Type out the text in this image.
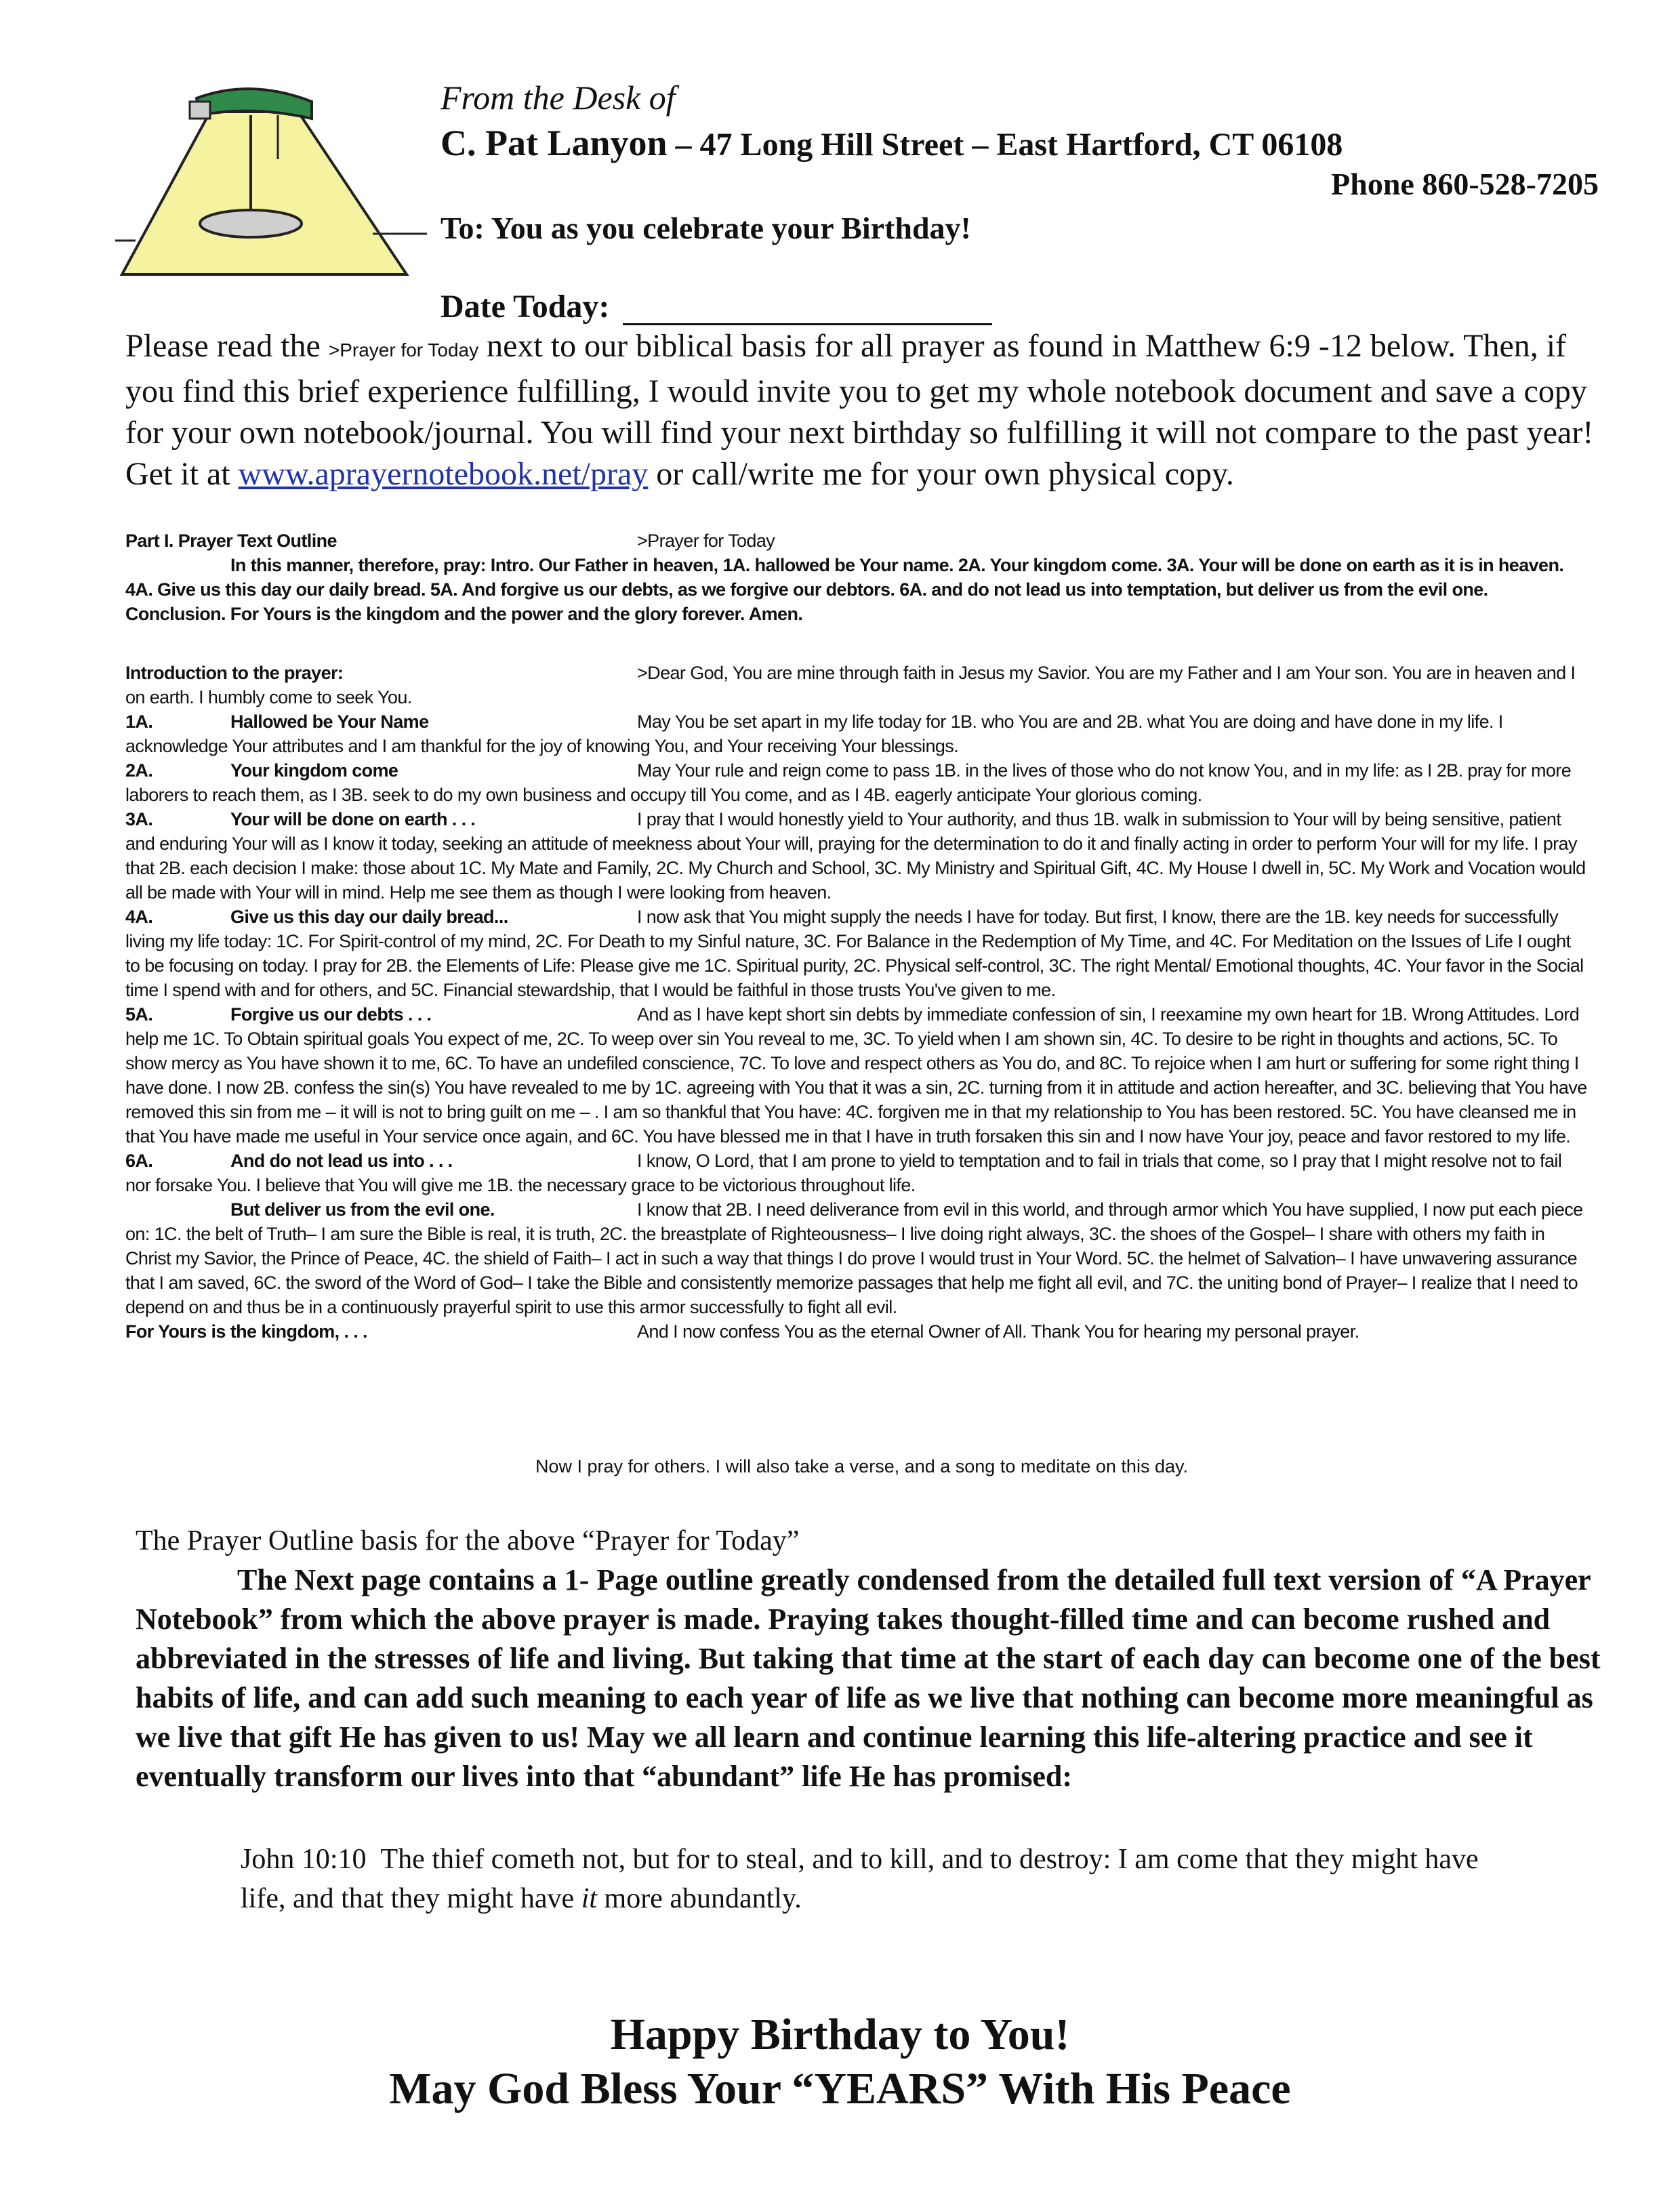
From the Desk of
C. Pat Lanyon – 47 Long Hill Street – East Hartford, CT 06108
Phone 860-528-7205
To: You as you celebrate your Birthday!
Date Today:
Please read the >Prayer for Today next to our biblical basis for all prayer as found in Matthew 6:9 -12 below. Then, if you find this brief experience fulfilling, I would invite you to get my whole notebook document and save a copy for your own notebook/journal. You will find your next birthday so fulfilling it will not compare to the past year! Get it at www.aprayernotebook.net/pray or call/write me for your own physical copy.
Part I. Prayer Text Outline	>Prayer for Today
In this manner, therefore, pray: Intro. Our Father in heaven, 1A. hallowed be Your name. 2A. Your kingdom come. 3A. Your will be done on earth as it is in heaven. 4A. Give us this day our daily bread. 5A. And forgive us our debts, as we forgive our debtors. 6A. and do not lead us into temptation, but deliver us from the evil one. Conclusion. For Yours is the kingdom and the power and the glory forever. Amen.
Introduction to the prayer:	>Dear God, You are mine through faith in Jesus my Savior. You are my Father and I am Your son. You are in heaven and I on earth. I humbly come to seek You.
1A.	Hallowed be Your Name	May You be set apart in my life today for 1B. who You are and 2B. what You are doing and have done in my life. I acknowledge Your attributes and I am thankful for the joy of knowing You, and Your receiving Your blessings.
2A.	Your kingdom come	May Your rule and reign come to pass 1B. in the lives of those who do not know You, and in my life: as I 2B. pray for more laborers to reach them, as I 3B. seek to do my own business and occupy till You come, and as I 4B. eagerly anticipate Your glorious coming.
3A.	Your will be done on earth . . .	I pray that I would honestly yield to Your authority, and thus 1B. walk in submission to Your will by being sensitive, patient and enduring Your will as I know it today, seeking an attitude of meekness about Your will, praying for the determination to do it and finally acting in order to perform Your will for my life. I pray that 2B. each decision I make: those about 1C. My Mate and Family, 2C. My Church and School, 3C. My Ministry and Spiritual Gift, 4C. My House I dwell in, 5C. My Work and Vocation would all be made with Your will in mind. Help me see them as though I were looking from heaven.
4A.	Give us this day our daily bread...	I now ask that You might supply the needs I have for today. But first, I know, there are the 1B. key needs for successfully living my life today: 1C. For Spirit-control of my mind, 2C. For Death to my Sinful nature, 3C. For Balance in the Redemption of My Time, and 4C. For Meditation on the Issues of Life I ought to be focusing on today. I pray for 2B. the Elements of Life: Please give me 1C. Spiritual purity, 2C. Physical self-control, 3C. The right Mental/ Emotional thoughts, 4C. Your favor in the Social time I spend with and for others, and 5C. Financial stewardship, that I would be faithful in those trusts You've given to me.
5A.	Forgive us our debts . . .	And as I have kept short sin debts by immediate confession of sin, I reexamine my own heart for 1B. Wrong Attitudes. Lord help me 1C. To Obtain spiritual goals You expect of me, 2C. To weep over sin You reveal to me, 3C. To yield when I am shown sin, 4C. To desire to be right in thoughts and actions, 5C. To show mercy as You have shown it to me, 6C. To have an undefiled conscience, 7C. To love and respect others as You do, and 8C. To rejoice when I am hurt or suffering for some right thing I have done. I now 2B. confess the sin(s) You have revealed to me by 1C. agreeing with You that it was a sin, 2C. turning from it in attitude and action hereafter, and 3C. believing that You have removed this sin from me – it will is not to bring guilt on me – . I am so thankful that You have: 4C. forgiven me in that my relationship to You has been restored. 5C. You have cleansed me in that You have made me useful in Your service once again, and 6C. You have blessed me in that I have in truth forsaken this sin and I now have Your joy, peace and favor restored to my life.
6A.	And do not lead us into . . .	I know, O Lord, that I am prone to yield to temptation and to fail in trials that come, so I pray that I might resolve not to fail nor forsake You. I believe that You will give me 1B. the necessary grace to be victorious throughout life.
But deliver us from the evil one.	I know that 2B. I need deliverance from evil in this world, and through armor which You have supplied, I now put each piece on: 1C. the belt of Truth– I am sure the Bible is real, it is truth, 2C. the breastplate of Righteousness– I live doing right always, 3C. the shoes of the Gospel– I share with others my faith in Christ my Savior, the Prince of Peace, 4C. the shield of Faith– I act in such a way that things I do prove I would trust in Your Word. 5C. the helmet of Salvation– I have unwavering assurance that I am saved, 6C. the sword of the Word of God– I take the Bible and consistently memorize passages that help me fight all evil, and 7C. the uniting bond of Prayer– I realize that I need to depend on and thus be in a continuously prayerful spirit to use this armor successfully to fight all evil.
For Yours is the kingdom, . . .	And I now confess You as the eternal Owner of All. Thank You for hearing my personal prayer.
Now I pray for others. I will also take a verse, and a song to meditate on this day.
The Prayer Outline basis for the above “Prayer for Today”
The Next page contains a 1- Page outline greatly condensed from the detailed full text version of “A Prayer Notebook” from which the above prayer is made. Praying takes thought-filled time and can become rushed and abbreviated in the stresses of life and living. But taking that time at the start of each day can become one of the best habits of life, and can add such meaning to each year of life as we live that nothing can become more meaningful as we live that gift He has given to us! May we all learn and continue learning this life-altering practice and see it eventually transform our lives into that “abundant” life He has promised:
John 10:10 The thief cometh not, but for to steal, and to kill, and to destroy: I am come that they might have life, and that they might have it more abundantly.
Happy Birthday to You!
May God Bless Your “YEARS” With His Peace
